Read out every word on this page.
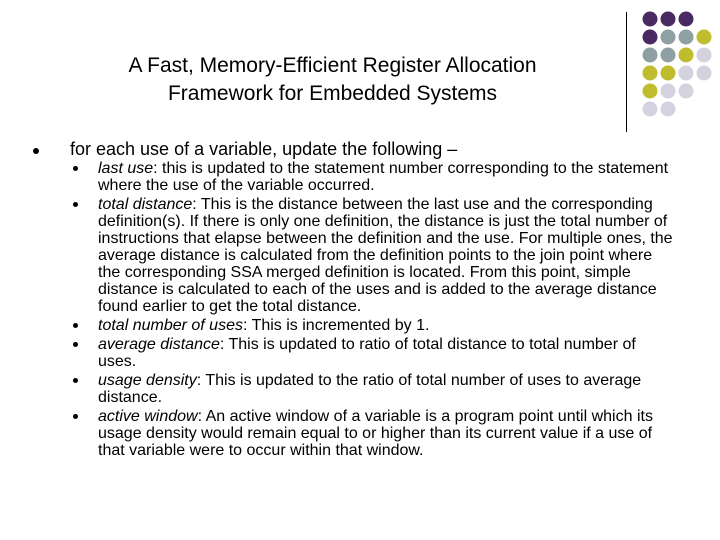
A Fast, Memory-Efficient Register Allocation
Framework for Embedded Systems
for each use of a variable, update the following –
last use: this is updated to the statement number corresponding to the statement where the use of the variable occurred.
total distance: This is the distance between the last use and the corresponding definition(s). If there is only one definition, the distance is just the total number of instructions that elapse between the definition and the use. For multiple ones, the average distance is calculated from the definition points to the join point where the corresponding SSA merged definition is located. From this point, simple distance is calculated to each of the uses and is added to the average distance found earlier to get the total distance.
total number of uses: This is incremented by 1.
average distance: This is updated to ratio of total distance to total number of uses.
usage density: This is updated to the ratio of total number of uses to average distance.
active window: An active window of a variable is a program point until which its usage density would remain equal to or higher than its current value if a use of that variable were to occur within that window.
